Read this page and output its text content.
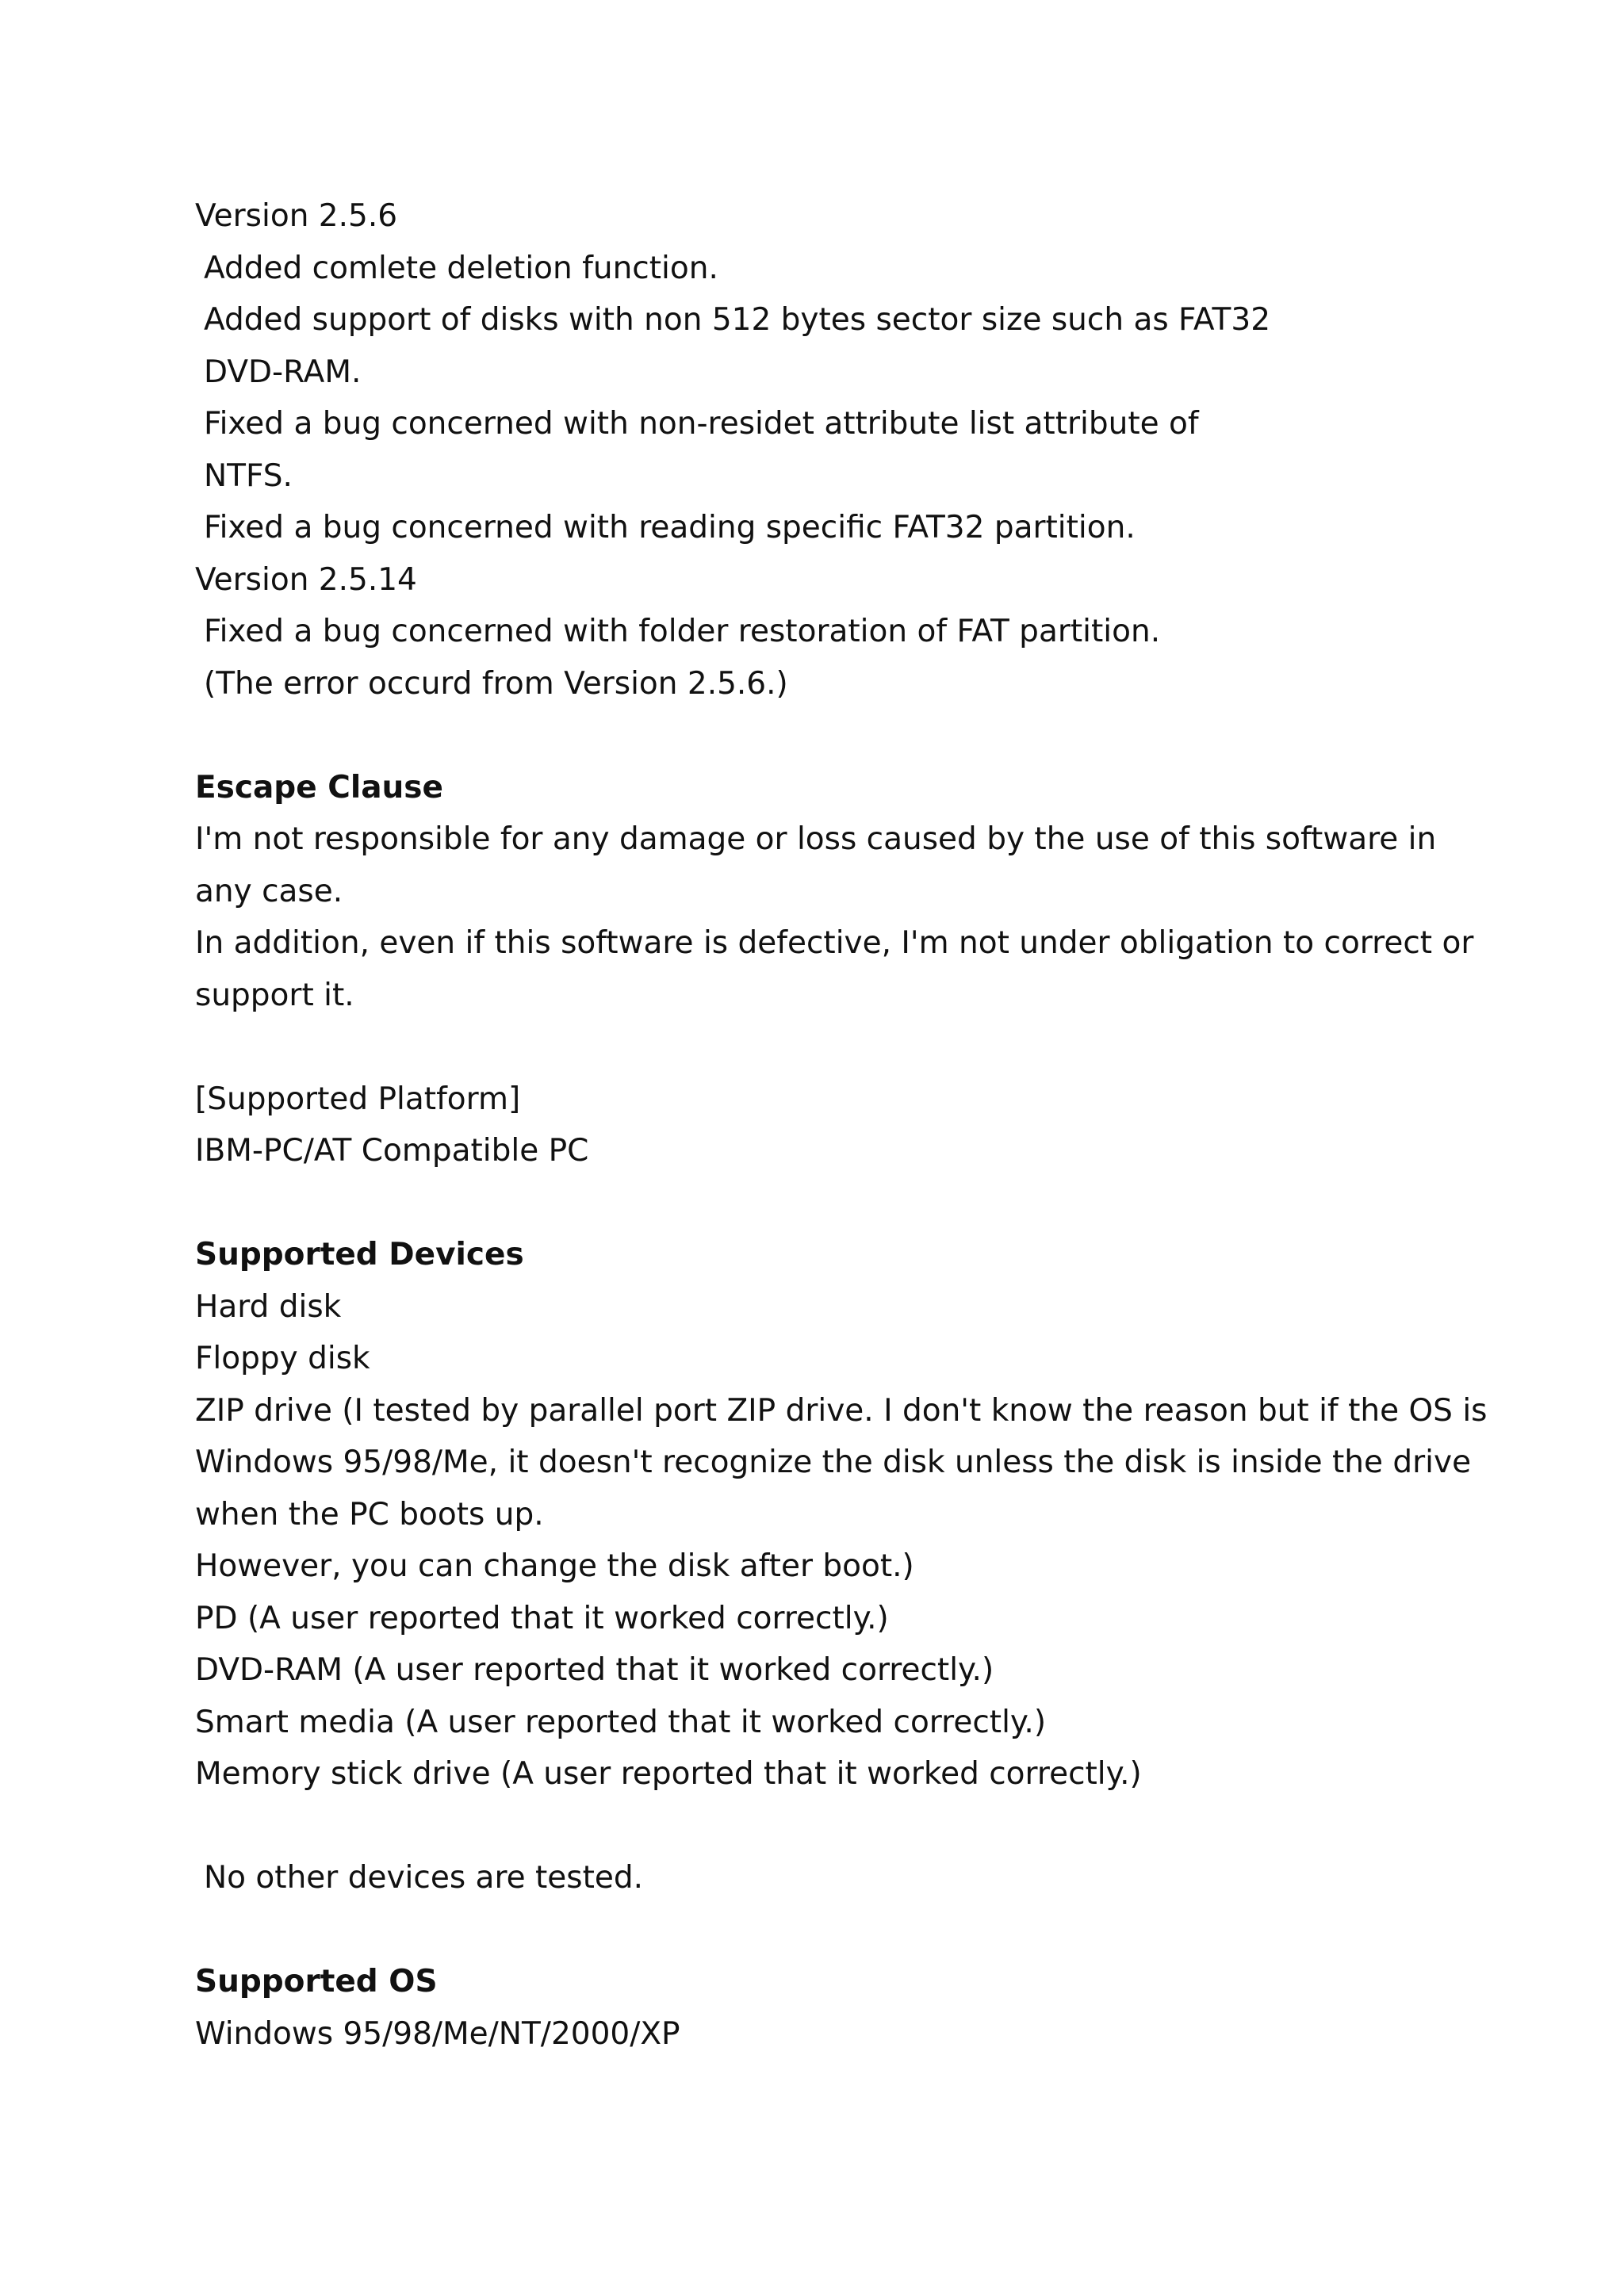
Version 2.5.6
Added comlete deletion function.
Added support of disks with non 512 bytes sector size such as FAT32
DVD-RAM.
Fixed a bug concerned with non-residet attribute list attribute of
NTFS.
Fixed a bug concerned with reading specific FAT32 partition.
Version 2.5.14
Fixed a bug concerned with folder restoration of FAT partition.
(The error occurd from Version 2.5.6.)
Escape Clause
I'm not responsible for any damage or loss caused by the use of this software in
any case.
In addition, even if this software is defective, I'm not under obligation to correct or
support it.
[Supported Platform]
IBM-PC/AT Compatible PC
Supported Devices
Hard disk
Floppy disk
ZIP drive (I tested by parallel port ZIP drive. I don't know the reason but if the OS is
Windows 95/98/Me, it doesn't recognize the disk unless the disk is inside the drive
when the PC boots up.
However, you can change the disk after boot.)
PD (A user reported that it worked correctly.)
DVD-RAM (A user reported that it worked correctly.)
Smart media (A user reported that it worked correctly.)
Memory stick drive (A user reported that it worked correctly.)
No other devices are tested.
Supported OS
Windows 95/98/Me/NT/2000/XP
